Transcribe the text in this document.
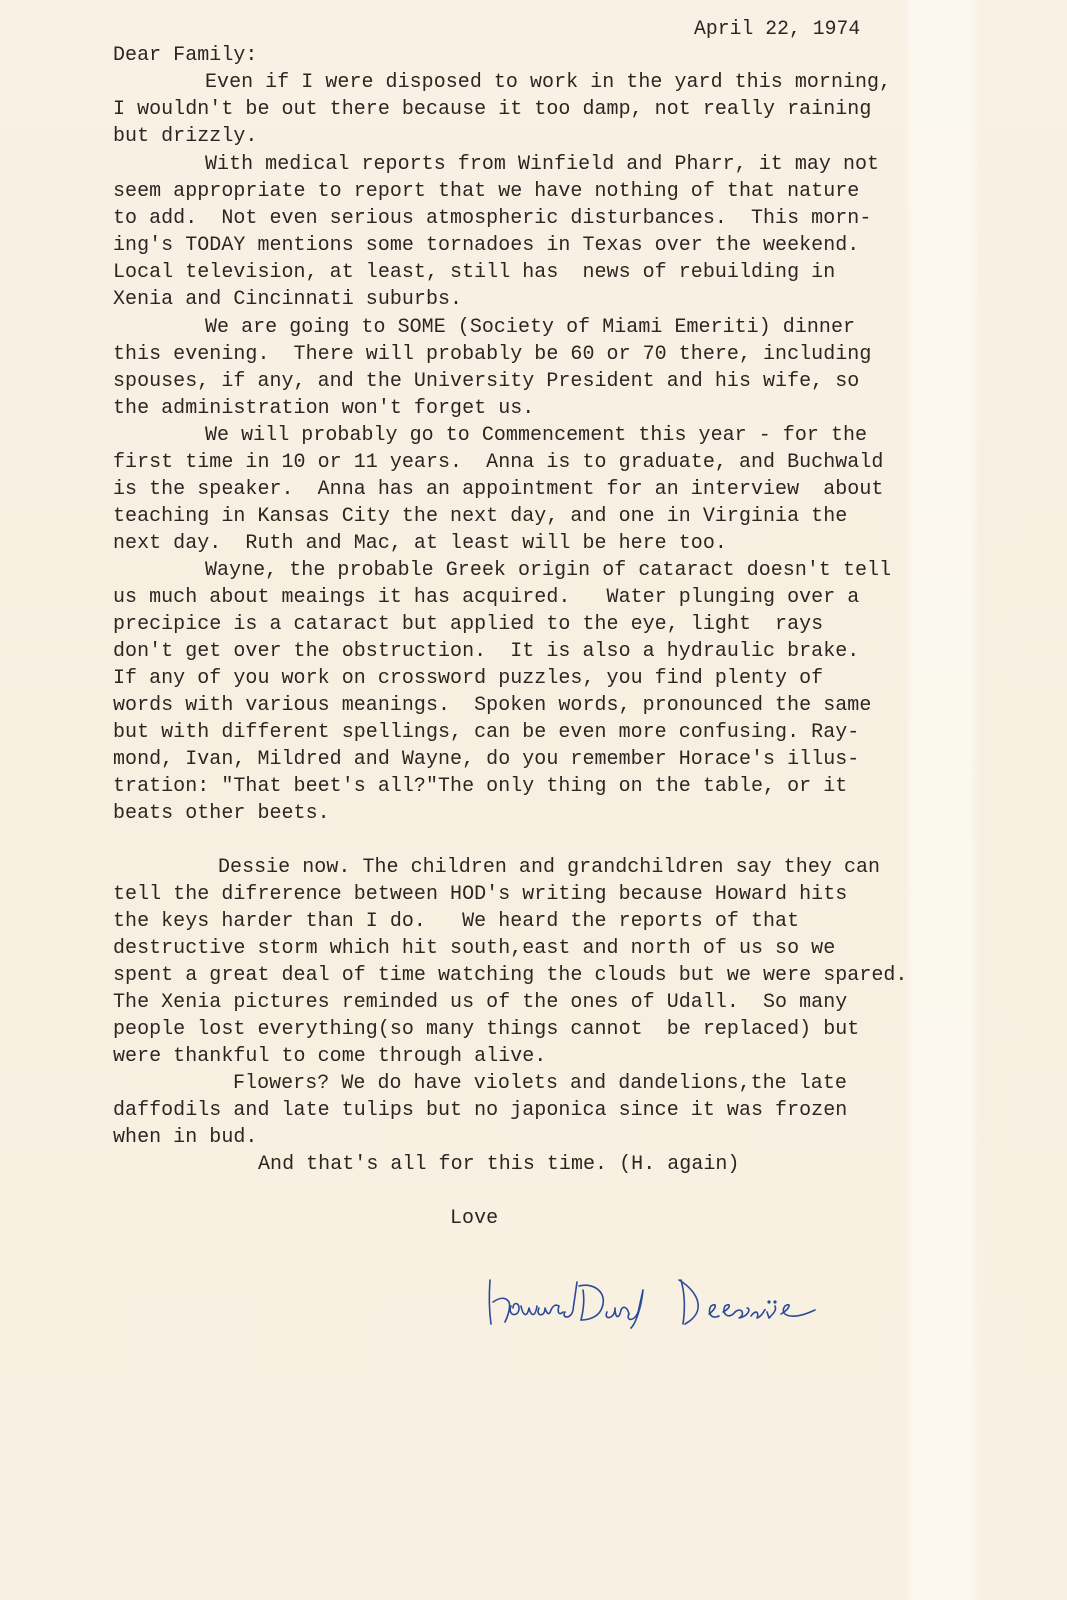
April 22, 1974
Dear Family:
Even if I were disposed to work in the yard this morning,
I wouldn't be out there because it too damp, not really raining
but drizzly.
With medical reports from Winfield and Pharr, it may not
seem appropriate to report that we have nothing of that nature
to add.  Not even serious atmospheric disturbances.  This morn-
ing's TODAY mentions some tornadoes in Texas over the weekend.
Local television, at least, still has  news of rebuilding in
Xenia and Cincinnati suburbs.
We are going to SOME (Society of Miami Emeriti) dinner
this evening.  There will probably be 60 or 70 there, including
spouses, if any, and the University President and his wife, so
the administration won't forget us.
We will probably go to Commencement this year - for the
first time in 10 or 11 years.  Anna is to graduate, and Buchwald
is the speaker.  Anna has an appointment for an interview  about
teaching in Kansas City the next day, and one in Virginia the
next day.  Ruth and Mac, at least will be here too.
Wayne, the probable Greek origin of cataract doesn't tell
us much about meaings it has acquired.   Water plunging over a
precipice is a cataract but applied to the eye, light  rays
don't get over the obstruction.  It is also a hydraulic brake.
If any of you work on crossword puzzles, you find plenty of
words with various meanings.  Spoken words, pronounced the same
but with different spellings, can be even more confusing. Ray-
mond, Ivan, Mildred and Wayne, do you remember Horace's illus-
tration: "That beet's all?"The only thing on the table, or it
beats other beets.
Dessie now. The children and grandchildren say they can
tell the difrerence between HOD's writing because Howard hits
the keys harder than I do.   We heard the reports of that
destructive storm which hit south,east and north of us so we
spent a great deal of time watching the clouds but we were spared.
The Xenia pictures reminded us of the ones of Udall.  So many
people lost everything(so many things cannot  be replaced) but
were thankful to come through alive.
Flowers? We do have violets and dandelions,the late
daffodils and late tulips but no japonica since it was frozen
when in bud.
And that's all for this time. (H. again)
Love
